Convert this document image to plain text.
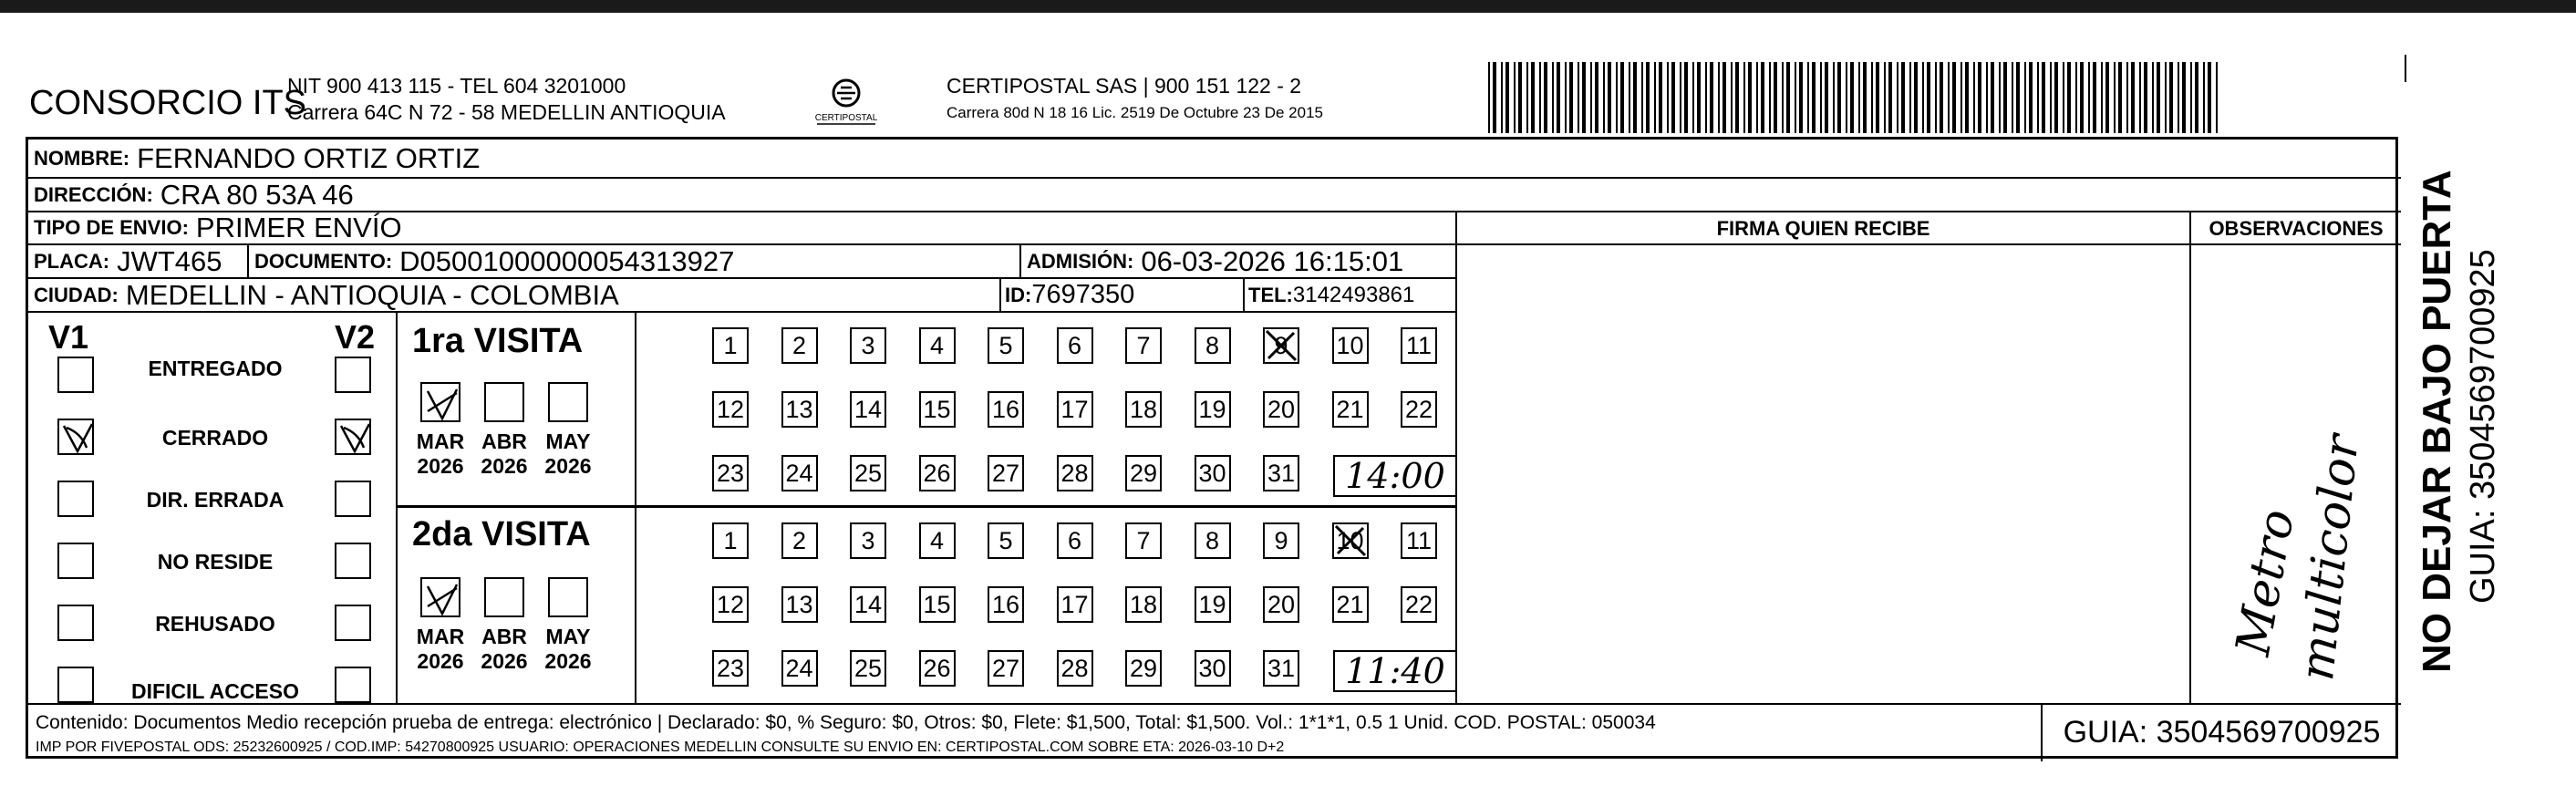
CONSORCIO ITS
NIT 900 413 115 - TEL 604 3201000
Carrera 64C N 72 - 58 MEDELLIN ANTIOQUIA	CERTIPOSTAL
CERTIPOSTAL SAS | 900 151 122 - 2
Carrera 80d N 18 16 Lic. 2519 De Octubre 23 De 2015
NOMBRE: FERNANDO ORTIZ ORTIZ
DIRECCIÓN: CRA 80 53A 46
TIPO DE ENVIO: PRIMER ENVÍO
PLACA: JWT465 DOCUMENTO: D05001000000054313927	ADMISIÓN: 06-03-2026 16:15:01
CIUDAD: MEDELLIN - ANTIOQUIA - COLOMBIA	ID: 7697350	TEL: 3142493861
FIRMA QUIEN RECIBE	OBSERVACIONES
Metro
multicolor
V1	V2
ENTREGADO
CERRADO
DIR. ERRADA
NO RESIDE
REHUSADO
DIFICIL ACCESO
1ra VISITA
MAR
2026
ABR
2026
MAY
2026
1	2	3	4	5	6	7	8	9	10 11
12 13 14 15 16 17 18 19 20 21 22
23 24 25 26 27 28 29 30 31	14:00
2da VISITA
MAR
2026
ABR
2026
MAY
2026
1	2	3	4	5	6	7	8	9	10 11
12 13 14 15 16 17 18 19 20 21 22
23 24 25 26 27 28 29 30 31	11:40
Contenido: Documentos Medio recepción prueba de entrega: electrónico | Declarado: $0, % Seguro: $0, Otros: $0, Flete: $1,500, Total: $1,500. Vol.: 1*1*1, 0.5 1 Unid. COD. POSTAL: 050034
IMP POR FIVEPOSTAL ODS: 25232600925 / COD.IMP: 54270800925 USUARIO: OPERACIONES MEDELLIN CONSULTE SU ENVIO EN: CERTIPOSTAL.COM SOBRE ETA: 2026-03-10 D+2	GUIA: 3504569700925
NO DEJAR BAJO PUERTA GUIA: 3504569700925
